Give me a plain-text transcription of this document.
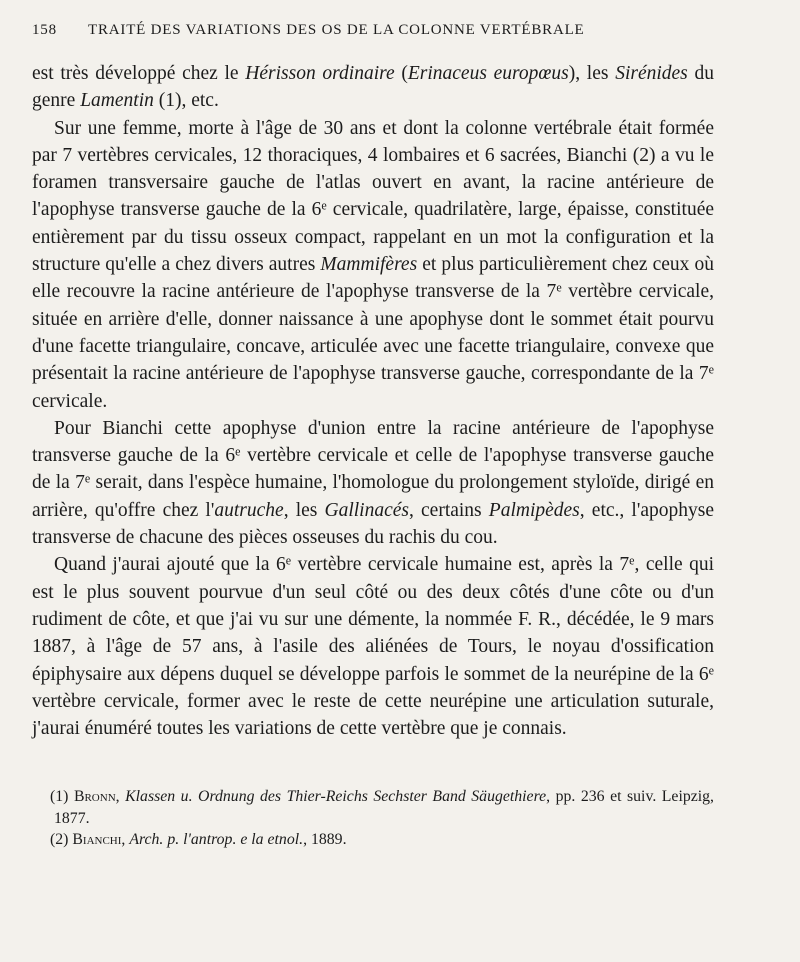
158	TRAITÉ DES VARIATIONS DES OS DE LA COLONNE VERTÉBRALE

est très développé chez le Hérisson ordinaire (Erinaceus europœus), les Sirénides du genre Lamentin (1), etc.

Sur une femme, morte à l'âge de 30 ans et dont la colonne vertébrale était formée par 7 vertèbres cervicales, 12 thoraciques, 4 lombaires et 6 sacrées, Bianchi (2) a vu le foramen transversaire gauche de l'atlas ouvert en avant, la racine antérieure de l'apophyse transverse gauche de la 6e cervicale, quadrilatère, large, épaisse, constituée entièrement par du tissu osseux compact, rappelant en un mot la configuration et la structure qu'elle a chez divers autres Mammifères et plus particulièrement chez ceux où elle recouvre la racine antérieure de l'apophyse transverse de la 7e vertèbre cervicale, située en arrière d'elle, donner naissance à une apophyse dont le sommet était pourvu d'une facette triangulaire, concave, articulée avec une facette triangulaire, convexe que présentait la racine antérieure de l'apophyse transverse gauche, correspondante de la 7e cervicale.

Pour Bianchi cette apophyse d'union entre la racine antérieure de l'apophyse transverse gauche de la 6e vertèbre cervicale et celle de l'apophyse transverse gauche de la 7e serait, dans l'espèce humaine, l'homologue du prolongement styloïde, dirigé en arrière, qu'offre chez l'autruche, les Gallinacés, certains Palmipèdes, etc., l'apophyse transverse de chacune des pièces osseuses du rachis du cou.

Quand j'aurai ajouté que la 6e vertèbre cervicale humaine est, après la 7e, celle qui est le plus souvent pourvue d'un seul côté ou des deux côtés d'une côte ou d'un rudiment de côte, et que j'ai vu sur une démente, la nommée F. R., décédée, le 9 mars 1887, à l'âge de 57 ans, à l'asile des aliénées de Tours, le noyau d'ossification épiphysaire aux dépens duquel se développe parfois le sommet de la neurépine de la 6e vertèbre cervicale, former avec le reste de cette neurépine une articulation suturale, j'aurai énuméré toutes les variations de cette vertèbre que je connais.

(1) Bronn, Klassen u. Ordnung des Thier-Reichs Sechster Band Säugethiere, pp. 236 et suiv. Leipzig, 1877.

(2) Bianchi, Arch. p. l'antrop. e la etnol., 1889.
